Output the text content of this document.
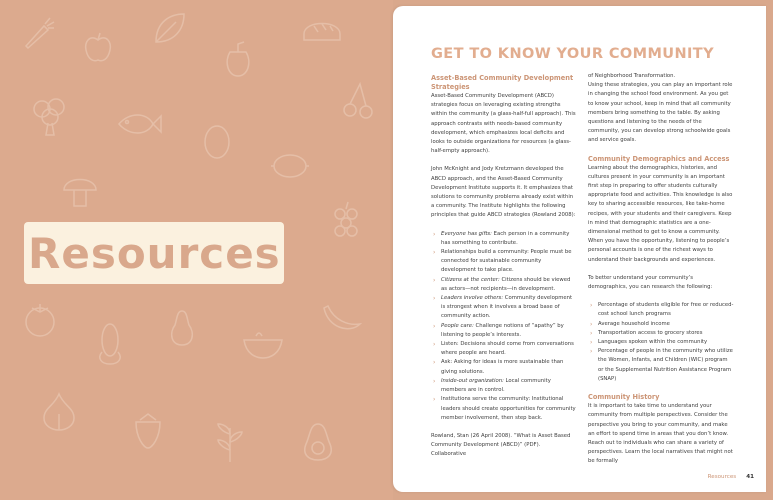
Resources
GET TO KNOW YOUR COMMUNITY
Asset-Based Community Development Strategies

Asset-Based Community Development (ABCD) strategies focus on leveraging existing strengths within the community (a glass-half-full approach). This approach contrasts with needs-based community development, which emphasizes local deficits and looks to outside organizations for resources (a glass-half-empty approach).

John McKnight and Jody Kretzmann developed the ABCD approach, and the Asset-Based Community Development Institute supports it. It emphasizes that solutions to community problems already exist within a community. The Institute highlights the following principles that guide ABCD strategies (Rowland 2008):

› Everyone has gifts: Each person in a community has something to contribute.
› Relationships build a community: People must be connected for sustainable community development to take place.
› Citizens at the center: Citizens should be viewed as actors—not recipients—in development.
› Leaders involve others: Community development is strongest when it involves a broad base of community action.
› People care: Challenge notions of “apathy” by listening to people’s interests.
› Listen: Decisions should come from conversations where people are heard.
› Ask: Asking for ideas is more sustainable than giving solutions.
› Inside-out organization: Local community members are in control.
› Institutions serve the community: Institutional leaders should create opportunities for community member involvement, then step back.

Rowland, Stan (26 April 2008). “What is Asset Based Community Development (ABCD)” (PDF). Collaborative

of Neighborhood Transformation.

Using these strategies, you can play an important role in changing the school food environment. As you get to know your school, keep in mind that all community members bring something to the table. By asking questions and listening to the needs of the community, you can develop strong schoolwide goals and service goals.

Community Demographics and Access

Learning about the demographics, histories, and cultures present in your community is an important first step in preparing to offer students culturally appropriate food and activities. This knowledge is also key to sharing accessible resources, like take-home recipes, with your students and their caregivers. Keep in mind that demographic statistics are a one-dimensional method to get to know a community. When you have the opportunity, listening to people’s personal accounts is one of the richest ways to understand their backgrounds and experiences.

To better understand your community’s demographics, you can research the following:

› Percentage of students eligible for free or reduced-cost school lunch programs
› Average household income
› Transportation access to grocery stores
› Languages spoken within the community
› Percentage of people in the community who utilize the Women, Infants, and Children (WIC) program or the Supplemental Nutrition Assistance Program (SNAP)
Community History

It is important to take time to understand your community from multiple perspectives. Consider the perspective you bring to your community, and make an effort to spend time in areas that you don’t know. Reach out to individuals who can share a variety of perspectives. Learn the local narratives that might not be formally

Resources 41
